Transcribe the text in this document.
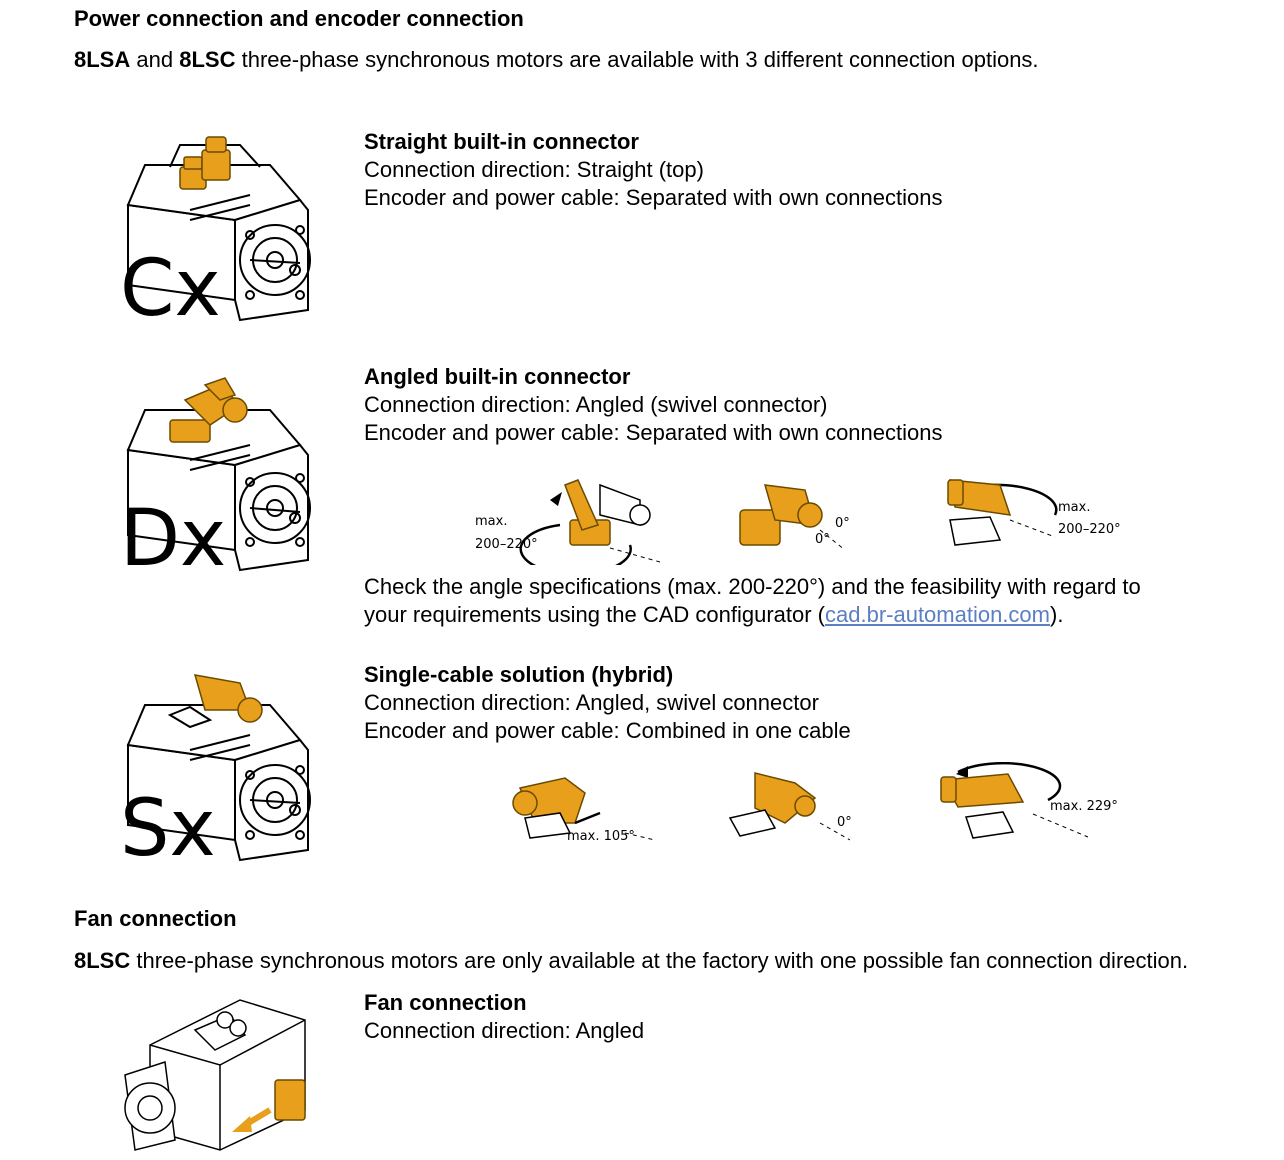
Power connection and encoder connection
8LSA and 8LSC three-phase synchronous motors are available with 3 different connection options.
Cx
Straight built-in connector
Connection direction: Straight (top)
Encoder and power cable: Separated with own connections
Dx
Angled built-in connector
Connection direction: Angled (swivel connector)
Encoder and power cable: Separated with own connections
max.
200–220°
0°
0°
max.
200–220°
Check the angle specifications (max. 200-220°) and the feasibility with regard to
your requirements using the CAD configurator (cad.br-automation.com).
Sx
Single-cable solution (hybrid)
Connection direction: Angled, swivel connector
Encoder and power cable: Combined in one cable
max. 105°
0°
max. 229°
Fan connection
8LSC three-phase synchronous motors are only available at the factory with one possible fan connection direction.
Fan connection
Connection direction: Angled
